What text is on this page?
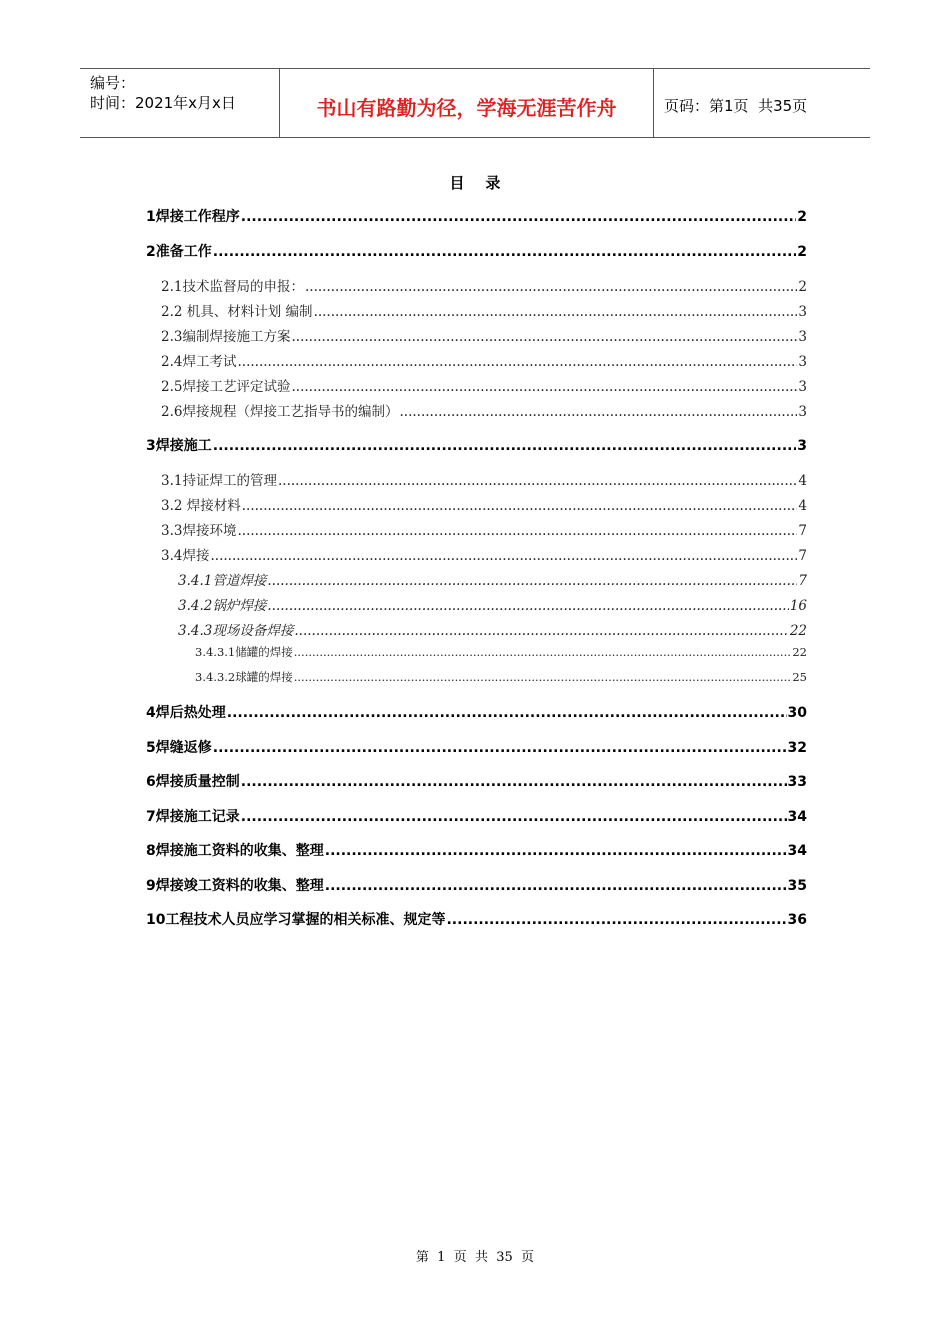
编号：
时间：2021年x月x日	书山有路勤为径，学海无涯苦作舟	页码：第1页  共35页
目    录
1焊接工作程序 .....	2
2准备工作 .....	2
2.1技术监督局的申报： .....	2
2.2 机具、材料计划 编制 .....	3
2.3编制焊接施工方案 .....	3
2.4焊工考试 .....	3
2.5焊接工艺评定试验 .....	3
2.6焊接规程（焊接工艺指导书的编制） .....	3
3焊接施工 .....	3
3.1持证焊工的管理 .....	4
3.2 焊接材料 .....	4
3.3焊接环境 .....	7
3.4焊接 .....	7
3.4.1管道焊接 .....	7
3.4.2锅炉焊接 .....	16
3.4.3现场设备焊接 .....	22
3.4.3.1储罐的焊接 .....	22
3.4.3.2球罐的焊接 .....	25
4焊后热处理 .....	30
5焊缝返修 .....	32
6焊接质量控制 .....	33
7焊接施工记录 .....	34
8焊接施工资料的收集、整理 .....	34
9焊接竣工资料的收集、整理 .....	35
10工程技术人员应学习掌握的相关标准、规定等 .....	36
第  1  页  共  35  页
